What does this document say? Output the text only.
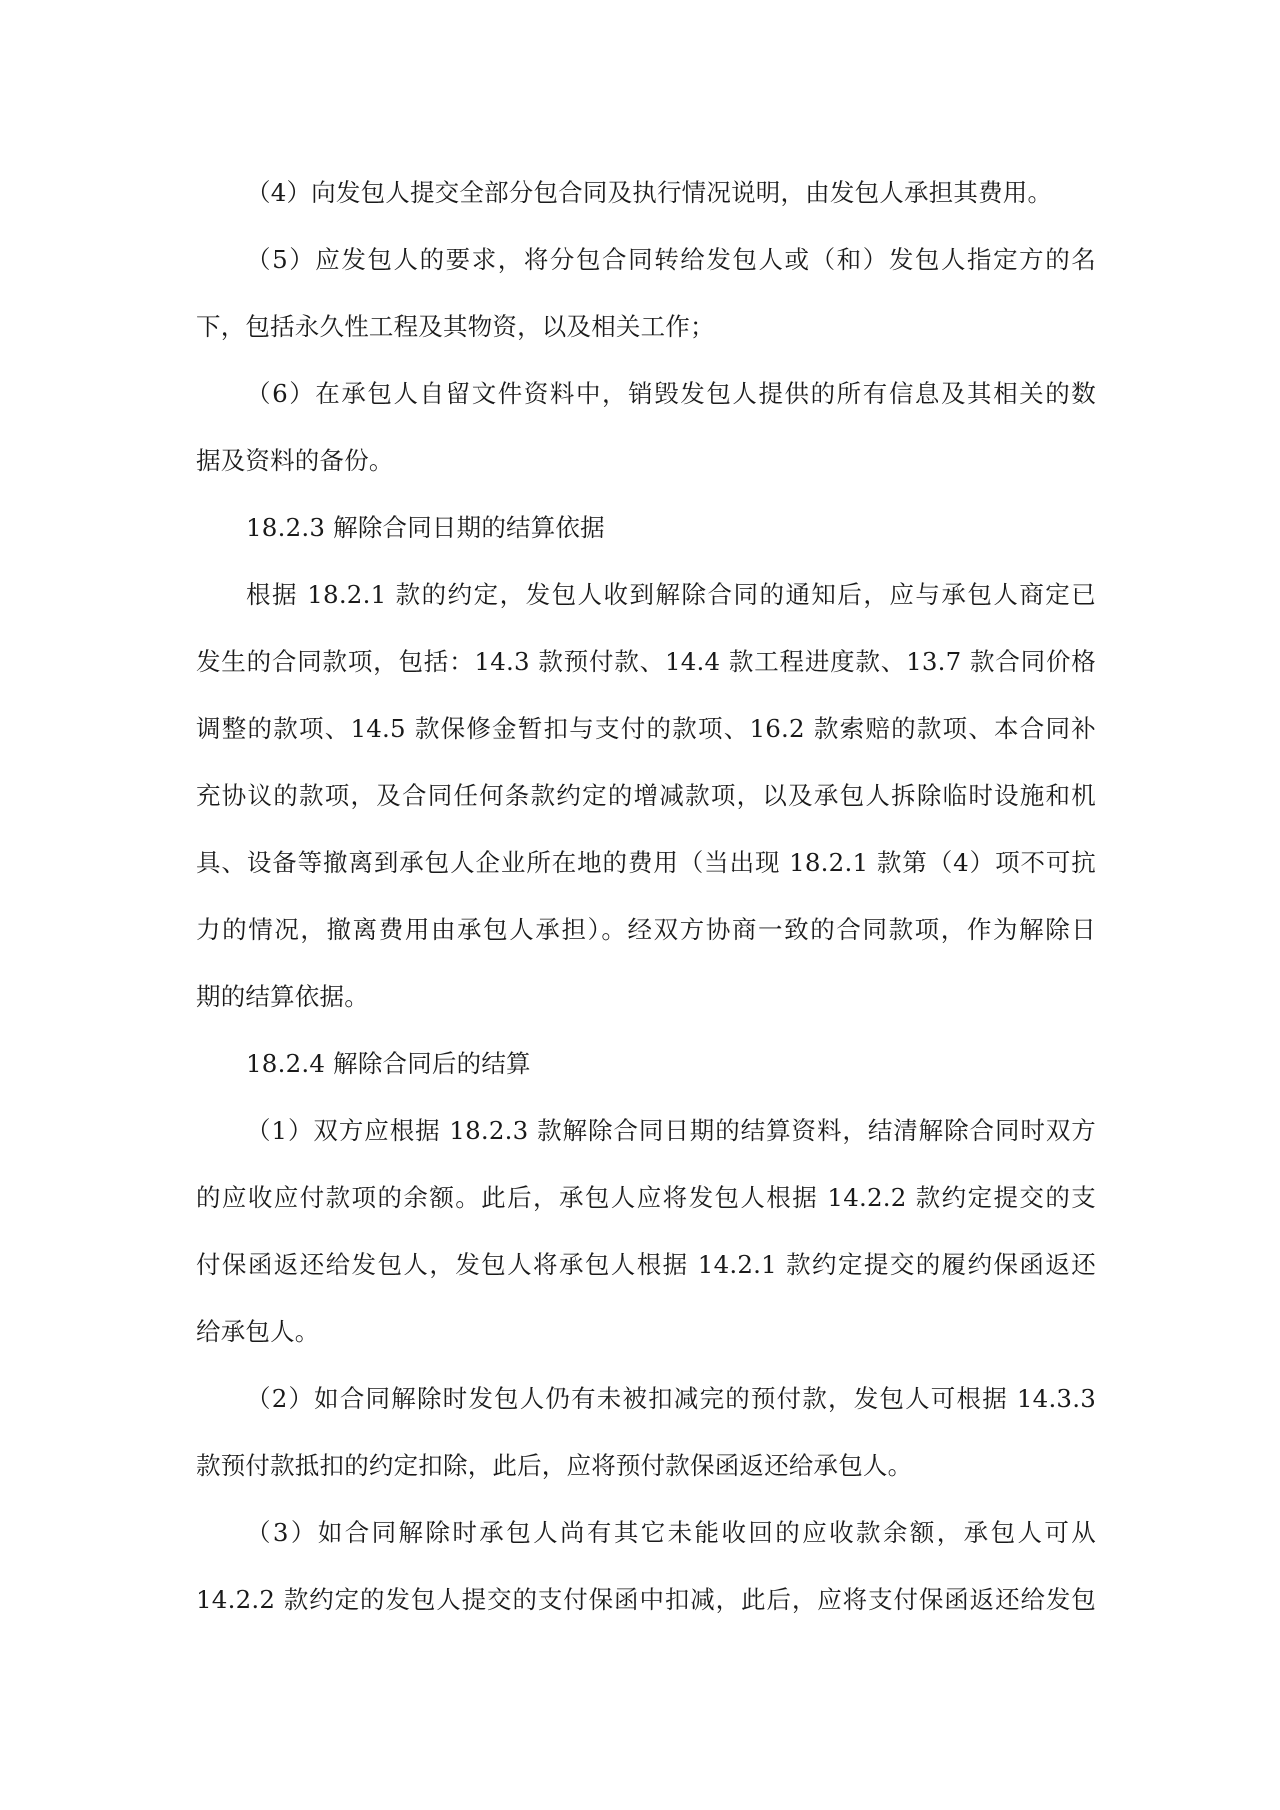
（4）向发包人提交全部分包合同及执行情况说明，由发包人承担其费用。
（5）应发包人的要求，将分包合同转给发包人或（和）发包人指定方的名
下，包括永久性工程及其物资，以及相关工作；
（6）在承包人自留文件资料中，销毁发包人提供的所有信息及其相关的数
据及资料的备份。
18.2.3 解除合同日期的结算依据
根据 18.2.1 款的约定，发包人收到解除合同的通知后，应与承包人商定已
发生的合同款项，包括：14.3 款预付款、14.4 款工程进度款、13.7 款合同价格
调整的款项、14.5 款保修金暂扣与支付的款项、16.2 款索赔的款项、本合同补
充协议的款项，及合同任何条款约定的增减款项，以及承包人拆除临时设施和机
具、设备等撤离到承包人企业所在地的费用（当出现 18.2.1 款第（4）项不可抗
力的情况，撤离费用由承包人承担）。经双方协商一致的合同款项，作为解除日
期的结算依据。
18.2.4 解除合同后的结算
（1）双方应根据 18.2.3 款解除合同日期的结算资料，结清解除合同时双方
的应收应付款项的余额。此后，承包人应将发包人根据 14.2.2 款约定提交的支
付保函返还给发包人，发包人将承包人根据 14.2.1 款约定提交的履约保函返还
给承包人。
（2）如合同解除时发包人仍有未被扣减完的预付款，发包人可根据 14.3.3
款预付款抵扣的约定扣除，此后，应将预付款保函返还给承包人。
（3）如合同解除时承包人尚有其它未能收回的应收款余额，承包人可从
14.2.2 款约定的发包人提交的支付保函中扣减，此后，应将支付保函返还给发包
